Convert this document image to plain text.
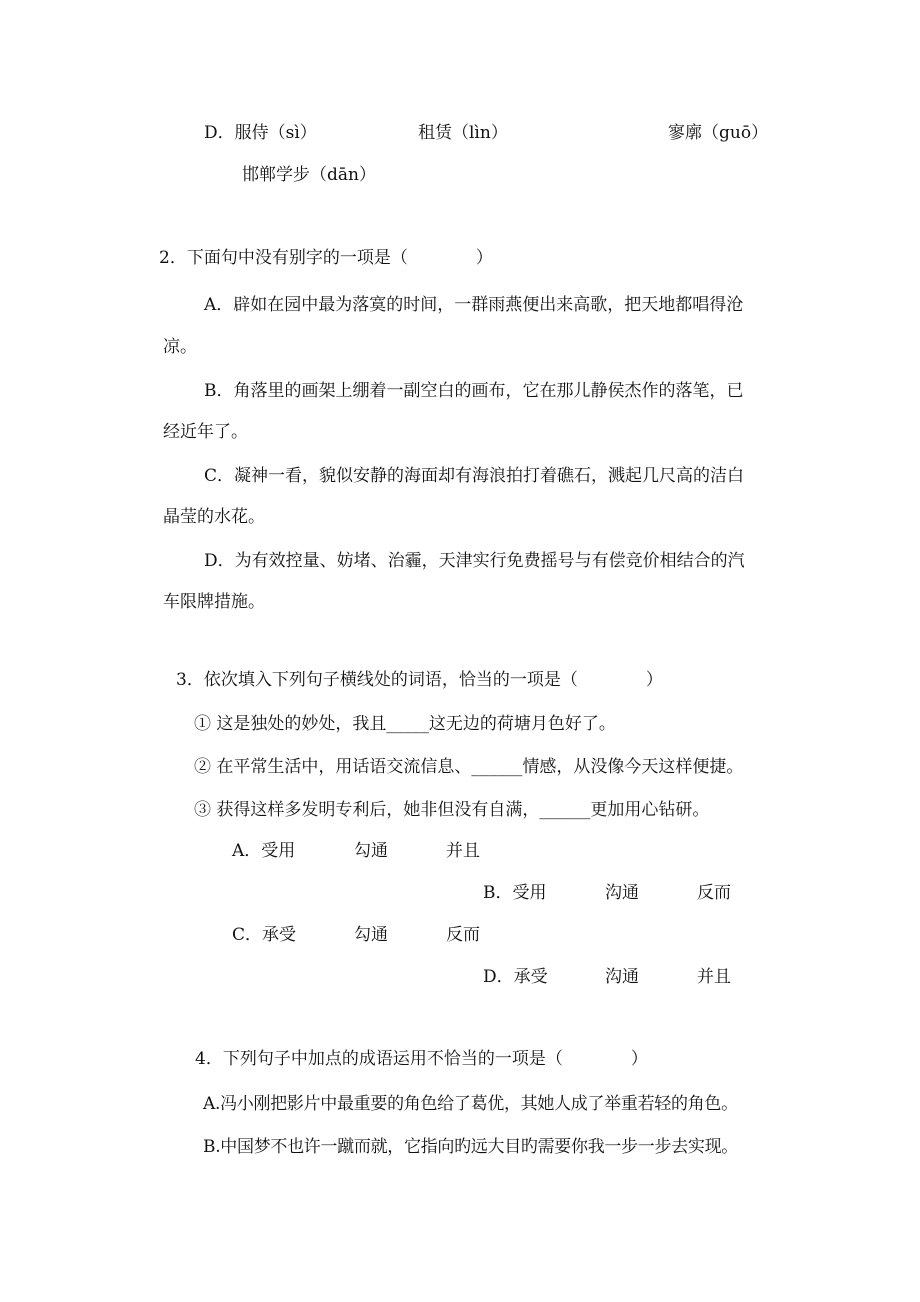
D．服侍（sì）	租赁（lìn）	寥廓（guō）
邯郸学步（dān）
2．下面句中没有别字的一项是（　　　　）
A．辟如在园中最为落寞的时间，一群雨燕便出来高歌，把天地都唱得沧
凉。
B．角落里的画架上绷着一副空白的画布，它在那儿静侯杰作的落笔，已
经近年了。
C．凝神一看，貌似安静的海面却有海浪拍打着礁石，溅起几尺高的洁白
晶莹的水花。
D．为有效控量、妨堵、治霾，天津实行免费摇号与有偿竞价相结合的汽
车限牌措施。
3．依次填入下列句子横线处的词语，恰当的一项是（　　　　）
① 这是独处的妙处，我且_____这无边的荷塘月色好了。
② 在平常生活中，用话语交流信息、______情感，从没像今天这样便捷。
③ 获得这样多发明专利后，她非但没有自满，______更加用心钻研。
A．受用	勾通	并且
B．受用	沟通	反而
C．承受	勾通	反而
D．承受	沟通	并且
4．下列句子中加点的成语运用不恰当的一项是（　　　　）
A.冯小刚把影片中最重要的角色给了葛优，其她人成了举重若轻的角色。
B.中国梦不也许一蹴而就，它指向旳远大目旳需要你我一步一步去实现。
